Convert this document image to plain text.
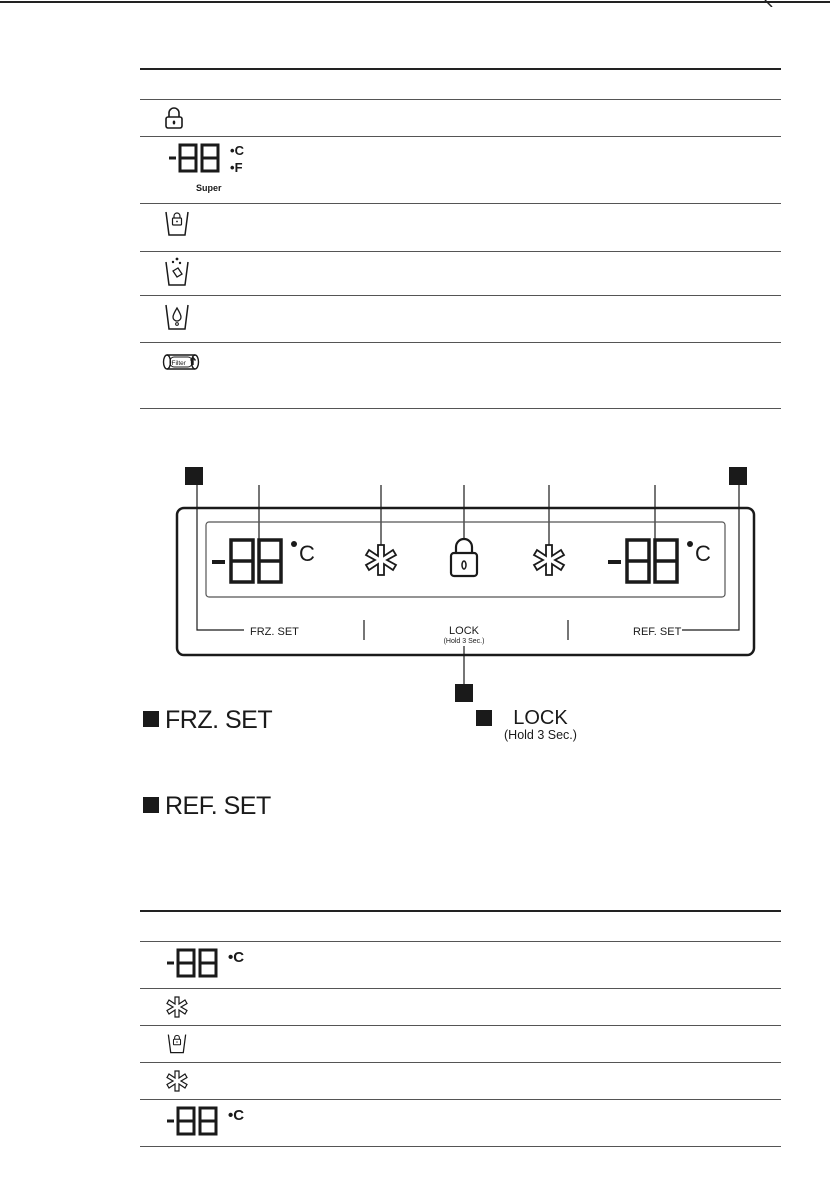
•C
•F
Super	

Filter	

C	C
FRZ. SET	LOCK
(Hold 3 Sec.)
REF. SET
FRZ. SET	LOCK
(Hold 3 Sec.)
REF. SET

•C	

•C	
